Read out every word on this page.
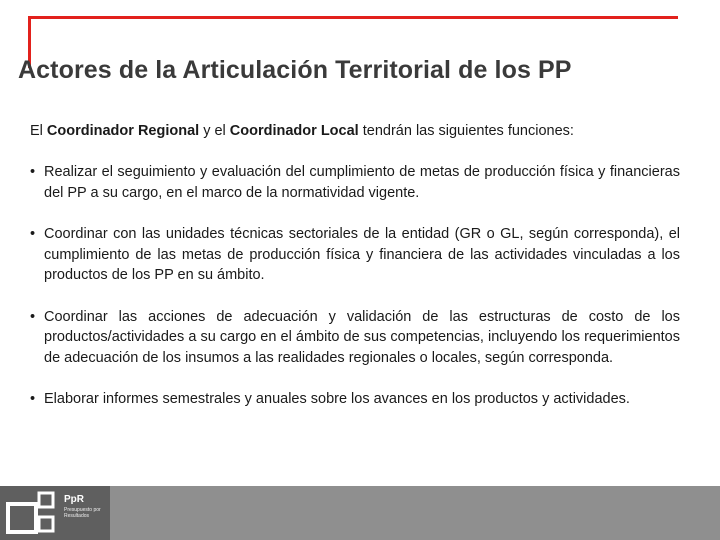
Actores de la Articulación Territorial de los PP

El Coordinador Regional y el Coordinador Local tendrán las siguientes funciones:

• Realizar el seguimiento y evaluación del cumplimiento de metas de producción física y financieras del PP a su cargo, en el marco de la normatividad vigente.
• Coordinar con las unidades técnicas sectoriales de la entidad (GR o GL, según corresponda), el cumplimiento de las metas de producción física y financiera de las actividades vinculadas a los productos de los PP en su ámbito.
• Coordinar las acciones de adecuación y validación de las estructuras de costo de los productos/actividades a su cargo en el ámbito de sus competencias, incluyendo los requerimientos de adecuación de los insumos a las realidades regionales o locales, según corresponda.
• Elaborar informes semestrales y anuales sobre los avances en los productos y actividades.
PpR
Presupuesto por Resultados
